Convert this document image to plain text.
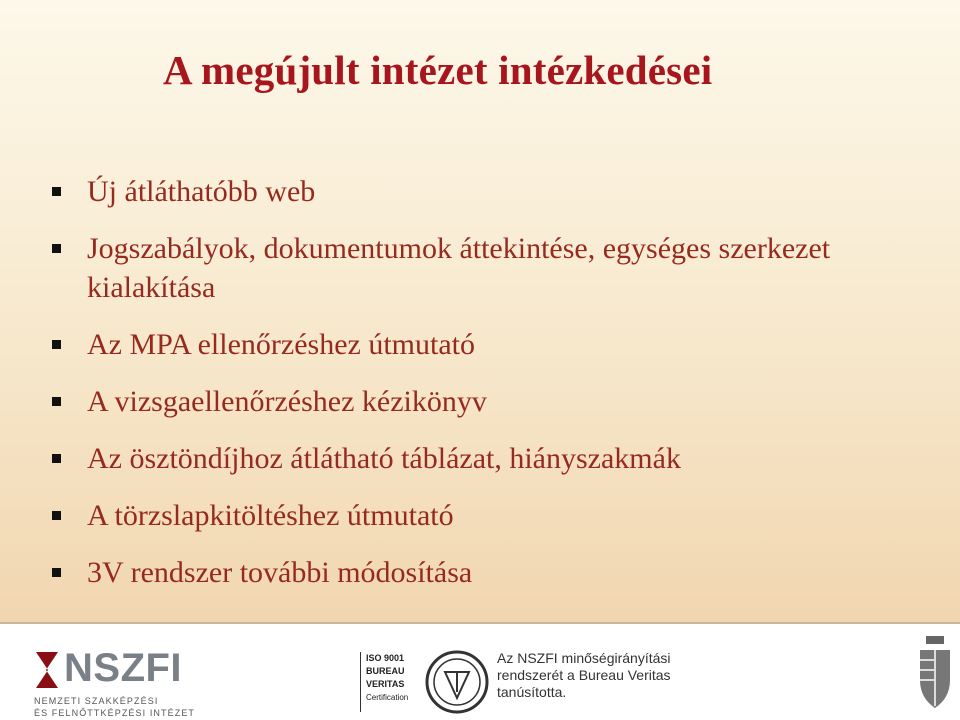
A megújult intézet intézkedései
Új átláthatóbb web
Jogszabályok, dokumentumok áttekintése, egységes szerkezet kialakítása
Az MPA ellenőrzéshez útmutató
A vizsgaellenőrzéshez kézikönyv
Az ösztöndíjhoz átlátható táblázat, hiányszakmák
A törzslapkitöltéshez útmutató
3V rendszer további módosítása
NSZFI
NEMZETI SZAKKÉPZÉSI
ÉS FELNŐTTKÉPZÉSI INTÉZET
ISO 9001
BUREAU VERITAS
Certification
Az NSZFI minőségirányítási
rendszerét a Bureau Veritas
tanúsította.
